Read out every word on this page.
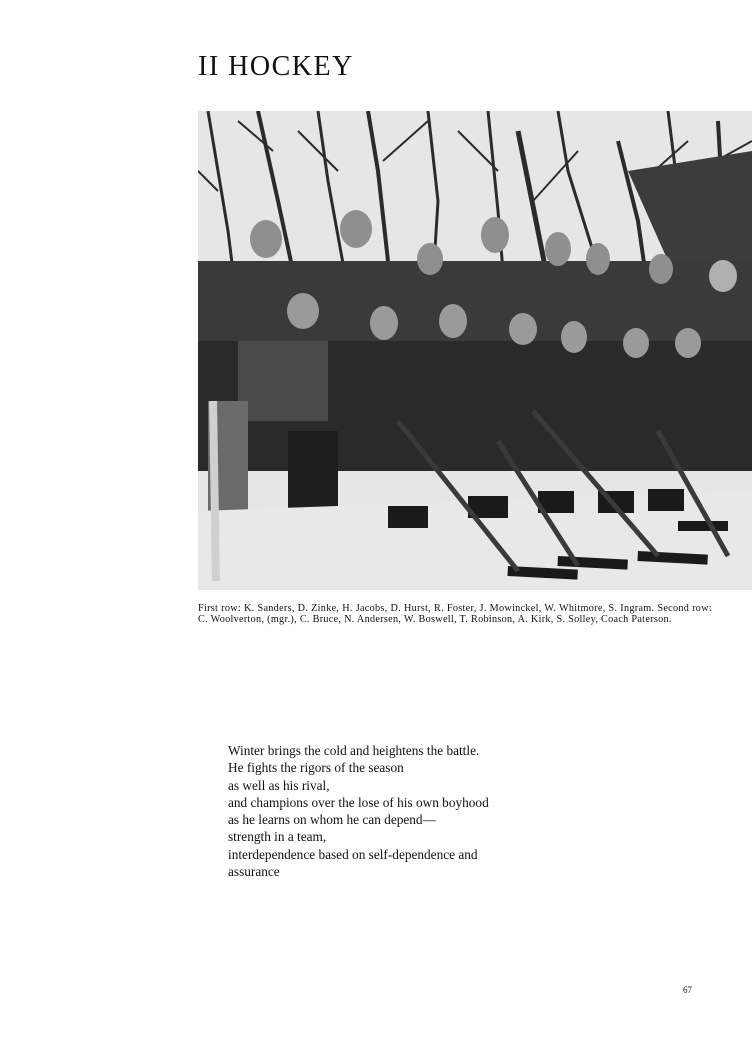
II HOCKEY

First row: K. Sanders, D. Zinke, H. Jacobs, D. Hurst, R. Foster, J. Mowinckel, W. Whitmore, S. Ingram. Second row: C. Woolverton, (mgr.), C. Bruce, N. Andersen, W. Boswell, T. Robinson, A. Kirk, S. Solley, Coach Paterson.

Winter brings the cold and heightens the battle.
He fights the rigors of the season
as well as his rival,
and champions over the lose of his own boyhood
as he learns on whom he can depend—
strength in a team,
interdependence based on self-dependence and
assurance
67
